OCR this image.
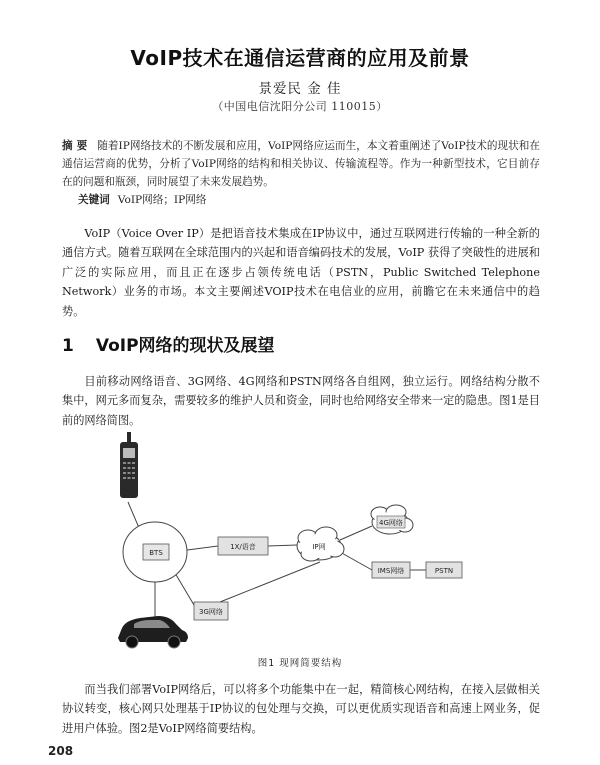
VoIP技术在通信运营商的应用及前景
景爱民 金 佳
（中国电信沈阳分公司 110015）
摘要 随着IP网络技术的不断发展和应用，VoIP网络应运而生，本文着重阐述了VoIP技术的现状和在通信运营商的优势，分析了VoIP网络的结构和相关协议、传输流程等。作为一种新型技术，它目前存在的问题和瓶颈，同时展望了未来发展趋势。
关键词 VoIP网络；IP网络
VoIP（Voice Over IP）是把语音技术集成在IP协议中，通过互联网进行传输的一种全新的通信方式。随着互联网在全球范围内的兴起和语音编码技术的发展，VoIP 获得了突破性的进展和广泛的实际应用，而且正在逐步占领传统电话（PSTN，Public Switched Telephone Network）业务的市场。本文主要阐述VOIP技术在电信业的应用，前瞻它在未来通信中的趋势。
1 VoIP网络的现状及展望
目前移动网络语音、3G网络、4G网络和PSTN网络各自组网，独立运行。网络结构分散不集中，网元多而复杂，需要较多的维护人员和资金，同时也给网络安全带来一定的隐患。图1是目前的网络简图。
BTS
1X/语音	IP网
4G网络
IMS网络	PSTN
3G网络
图1 现网简要结构
而当我们部署VoIP网络后，可以将多个功能集中在一起，精简核心网结构，在接入层做相关协议转变，核心网只处理基于IP协议的包处理与交换，可以更优质实现语音和高速上网业务，促进用户体验。图2是VoIP网络简要结构。
208
